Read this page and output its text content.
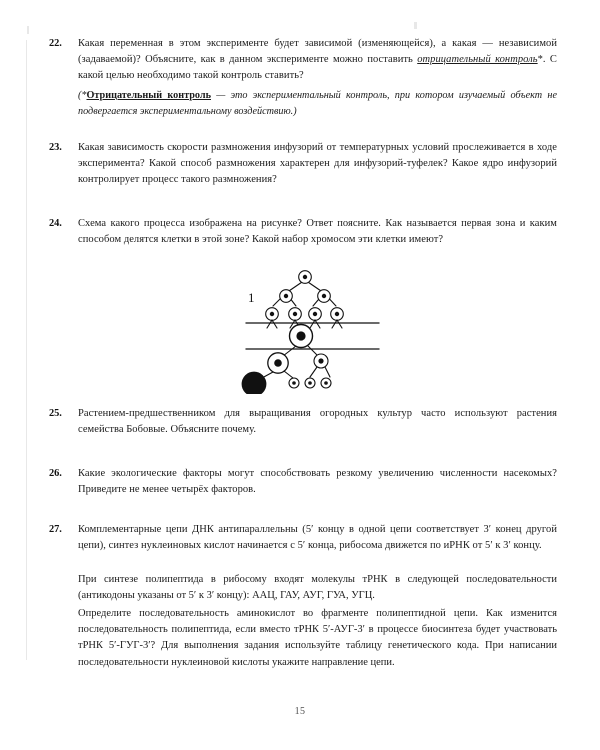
22.	Какая переменная в этом эксперименте будет зависимой (изменяющейся), а какая — независимой (задаваемой)? Объясните, как в данном эксперименте можно поставить отрицательный контроль*. С какой целью необходимо такой контроль ставить?

(*Отрицательный контроль — это экспериментальный контроль, при котором изучаемый объект не подвергается экспериментальному воздействию.)

23.	Какая зависимость скорости размножения инфузорий от температурных условий прослеживается в ходе эксперимента? Какой способ размножения характерен для инфузорий-туфелек? Какое ядро инфузорий контролирует процесс такого размножения?

24.	Схема какого процесса изображена на рисунке? Ответ поясните. Как называется первая зона и каким способом делятся клетки в этой зоне? Какой набор хромосом эти клетки имеют?

1
25.	Растением-предшественником для выращивания огородных культур часто используют растения семейства Бобовые. Объясните почему.

26.	Какие экологические факторы могут способствовать резкому увеличению численности насекомых? Приведите не менее четырёх факторов.

27.	Комплементарные цепи ДНК антипараллельны (5′ концу в одной цепи соответствует 3′ конец другой цепи), синтез нуклеиновых кислот начинается с 5′ конца, рибосома движется по иРНК от 5′ к 3′ концу.

При синтезе полипептида в рибосому входят молекулы тРНК в следующей последовательности (антикодоны указаны от 5′ к 3′ концу): ААЦ, ГАУ, АУГ, ГУА, УГЦ.

Определите последовательность аминокислот во фрагменте полипептидной цепи. Как изменится последовательность полипептида, если вместо тРНК 5′-АУГ-3′ в процессе биосинтеза будет участвовать тРНК 5′-ГУГ-3′? Для выполнения задания используйте таблицу генетического кода. При написании последовательности нуклеиновой кислоты укажите направление цепи.

15
